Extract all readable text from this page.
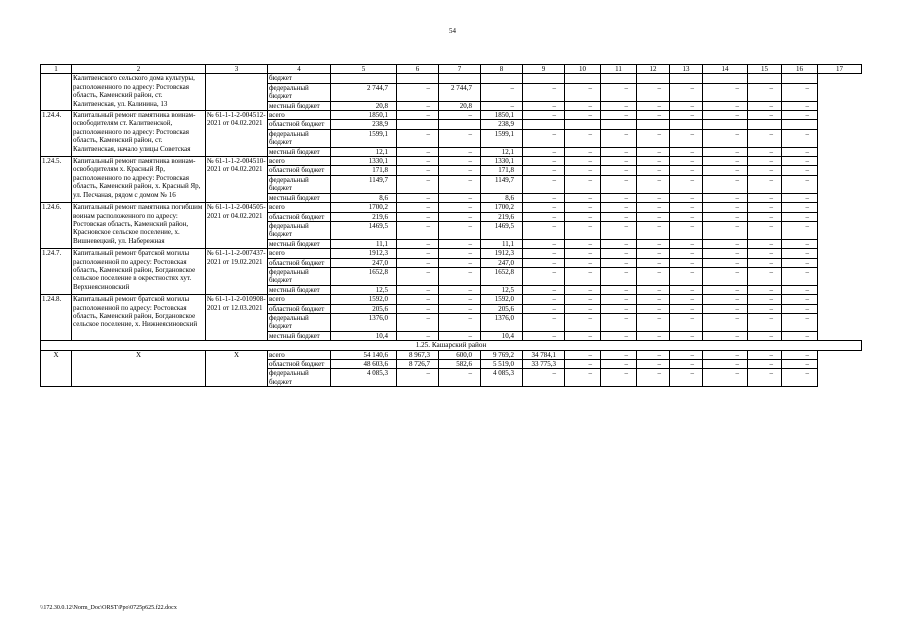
54
1	2	3	4	5	6	7	8	9	10	11	12	13	14	15	16	17
	Калитвенского сельского дома культуры, расположенного по адресу: Ростовская область, Каменский район, ст. Калитвенская, ул. Калинина, 13		бюджет													
			федеральный бюджет	2 744,7	–	2 744,7	–	–	–	–	–	–	–	–	–	
			местный бюджет	20,8	–	20,8	–	–	–	–	–	–	–	–	–	
1.24.4.	Капитальный ремонт памятника воинам-освободителям ст. Калитвенской, расположенного по адресу: Ростовская область, Каменский район, ст. Калитвенская, начало улицы Советская	№ 61-1-1-2-004512-2021 от 04.02.2021	всего	1850,1	–	–	1850,1	–	–	–	–	–	–	–	–	
			областной бюджет	238,9			238,9									
			федеральный бюджет	1599,1	–	–	1599,1	–	–	–	–	–	–	–	–	
			местный бюджет	12,1	–	–	12,1	–	–	–	–	–	–	–	–	
1.24.5.	Капитальный ремонт памятника воинам-освободителям х. Красный Яр, расположенного по адресу: Ростовская область, Каменский район, х. Красный Яр, ул. Песчаная, рядом с домом № 16	№ 61-1-1-2-004510-2021 от 04.02.2021	всего	1330,1	–	–	1330,1	–	–	–	–	–	–	–	–	
			областной бюджет	171,8	–	–	171,8	–	–	–	–	–	–	–	–	
			федеральный бюджет	1149,7	–	–	1149,7	–	–	–	–	–	–	–	–	
			местный бюджет	8,6	–	–	8,6	–	–	–	–	–	–	–	–	
1.24.6.	Капитальный ремонт памятника погибшим воинам расположенного по адресу: Ростовская область, Каменский район, Красновское сельское поселение, х. Вишневецкий, ул. Набережная	№ 61-1-1-2-004505-2021 от 04.02.2021	всего	1700,2	–	–	1700,2	–	–	–	–	–	–	–	–	
			областной бюджет	219,6	–	–	219,6	–	–	–	–	–	–	–	–	
			федеральный бюджет	1469,5	–	–	1469,5	–	–	–	–	–	–	–	–	
			местный бюджет	11,1	–	–	11,1	–	–	–	–	–	–	–	–	
1.24.7.	Капитальный ремонт братской могилы расположенной по адресу: Ростовская область, Каменский район, Богдановское сельское поселение в окрестностях хут. Верхнеясиновский	№ 61-1-1-2-007437-2021 от 19.02.2021	всего	1912,3	–	–	1912,3	–	–	–	–	–	–	–	–	
			областной бюджет	247,0	–	–	247,0	–	–	–	–	–	–	–	–	
			федеральный бюджет	1652,8	–	–	1652,8	–	–	–	–	–	–	–	–	
			местный бюджет	12,5	–	–	12,5	–	–	–	–	–	–	–	–	
1.24.8.	Капитальный ремонт братской могилы расположенной по адресу: Ростовская область, Каменский район, Богдановское сельское поселение, х. Нижнеясиновский	№ 61-1-1-2-010908-2021 от 12.03.2021	всего	1592,0	–	–	1592,0	–	–	–	–	–	–	–	–	
			областной бюджет	205,6	–	–	205,6	–	–	–	–	–	–	–	–	
			федеральный бюджет	1376,0	–	–	1376,0	–	–	–	–	–	–	–	–	
			местный бюджет	10,4	–	–	10,4	–	–	–	–	–	–	–	–	
1.25. Кашарский район																
Х	Х	Х	всего	54 140,6	8 967,3	600,0	9 769,2	34 784,1	–	–	–	–	–	–	–	
			областной бюджет	48 603,6	8 726,7	582,6	5 519,0	33 775,3	–	–	–	–	–	–	–	
			федеральный бюджет	4 085,3	–	–	4 085,3	–	–	–	–	–	–	–	–	
\\172.30.0.12\Norm_Doc\ORST\Ppo\0725p625.f22.docx
